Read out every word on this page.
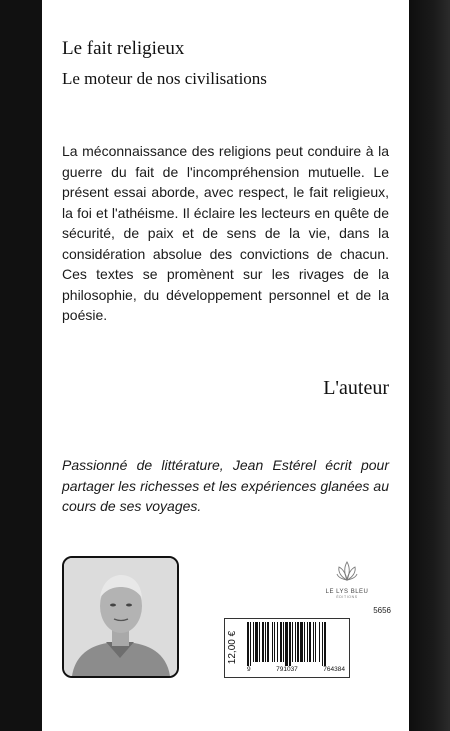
Le fait religieux
Le moteur de nos civilisations

La méconnaissance des religions peut conduire à la guerre du fait de l'incompréhension mutuelle. Le présent essai aborde, avec respect, le fait religieux, la foi et l'athéisme. Il éclaire les lecteurs en quête de sécurité, de paix et de sens de la vie, dans la considération absolue des convictions de chacun. Ces textes se promènent sur les rivages de la philosophie, du développement personnel et de la poésie.

L'auteur

Passionné de littérature, Jean Estérel écrit pour partager les richesses et les expériences glanées au cours de ses voyages.

LE LYS BLEU
ÉDITIONS
5656
12,00 €
9	791037	764384
